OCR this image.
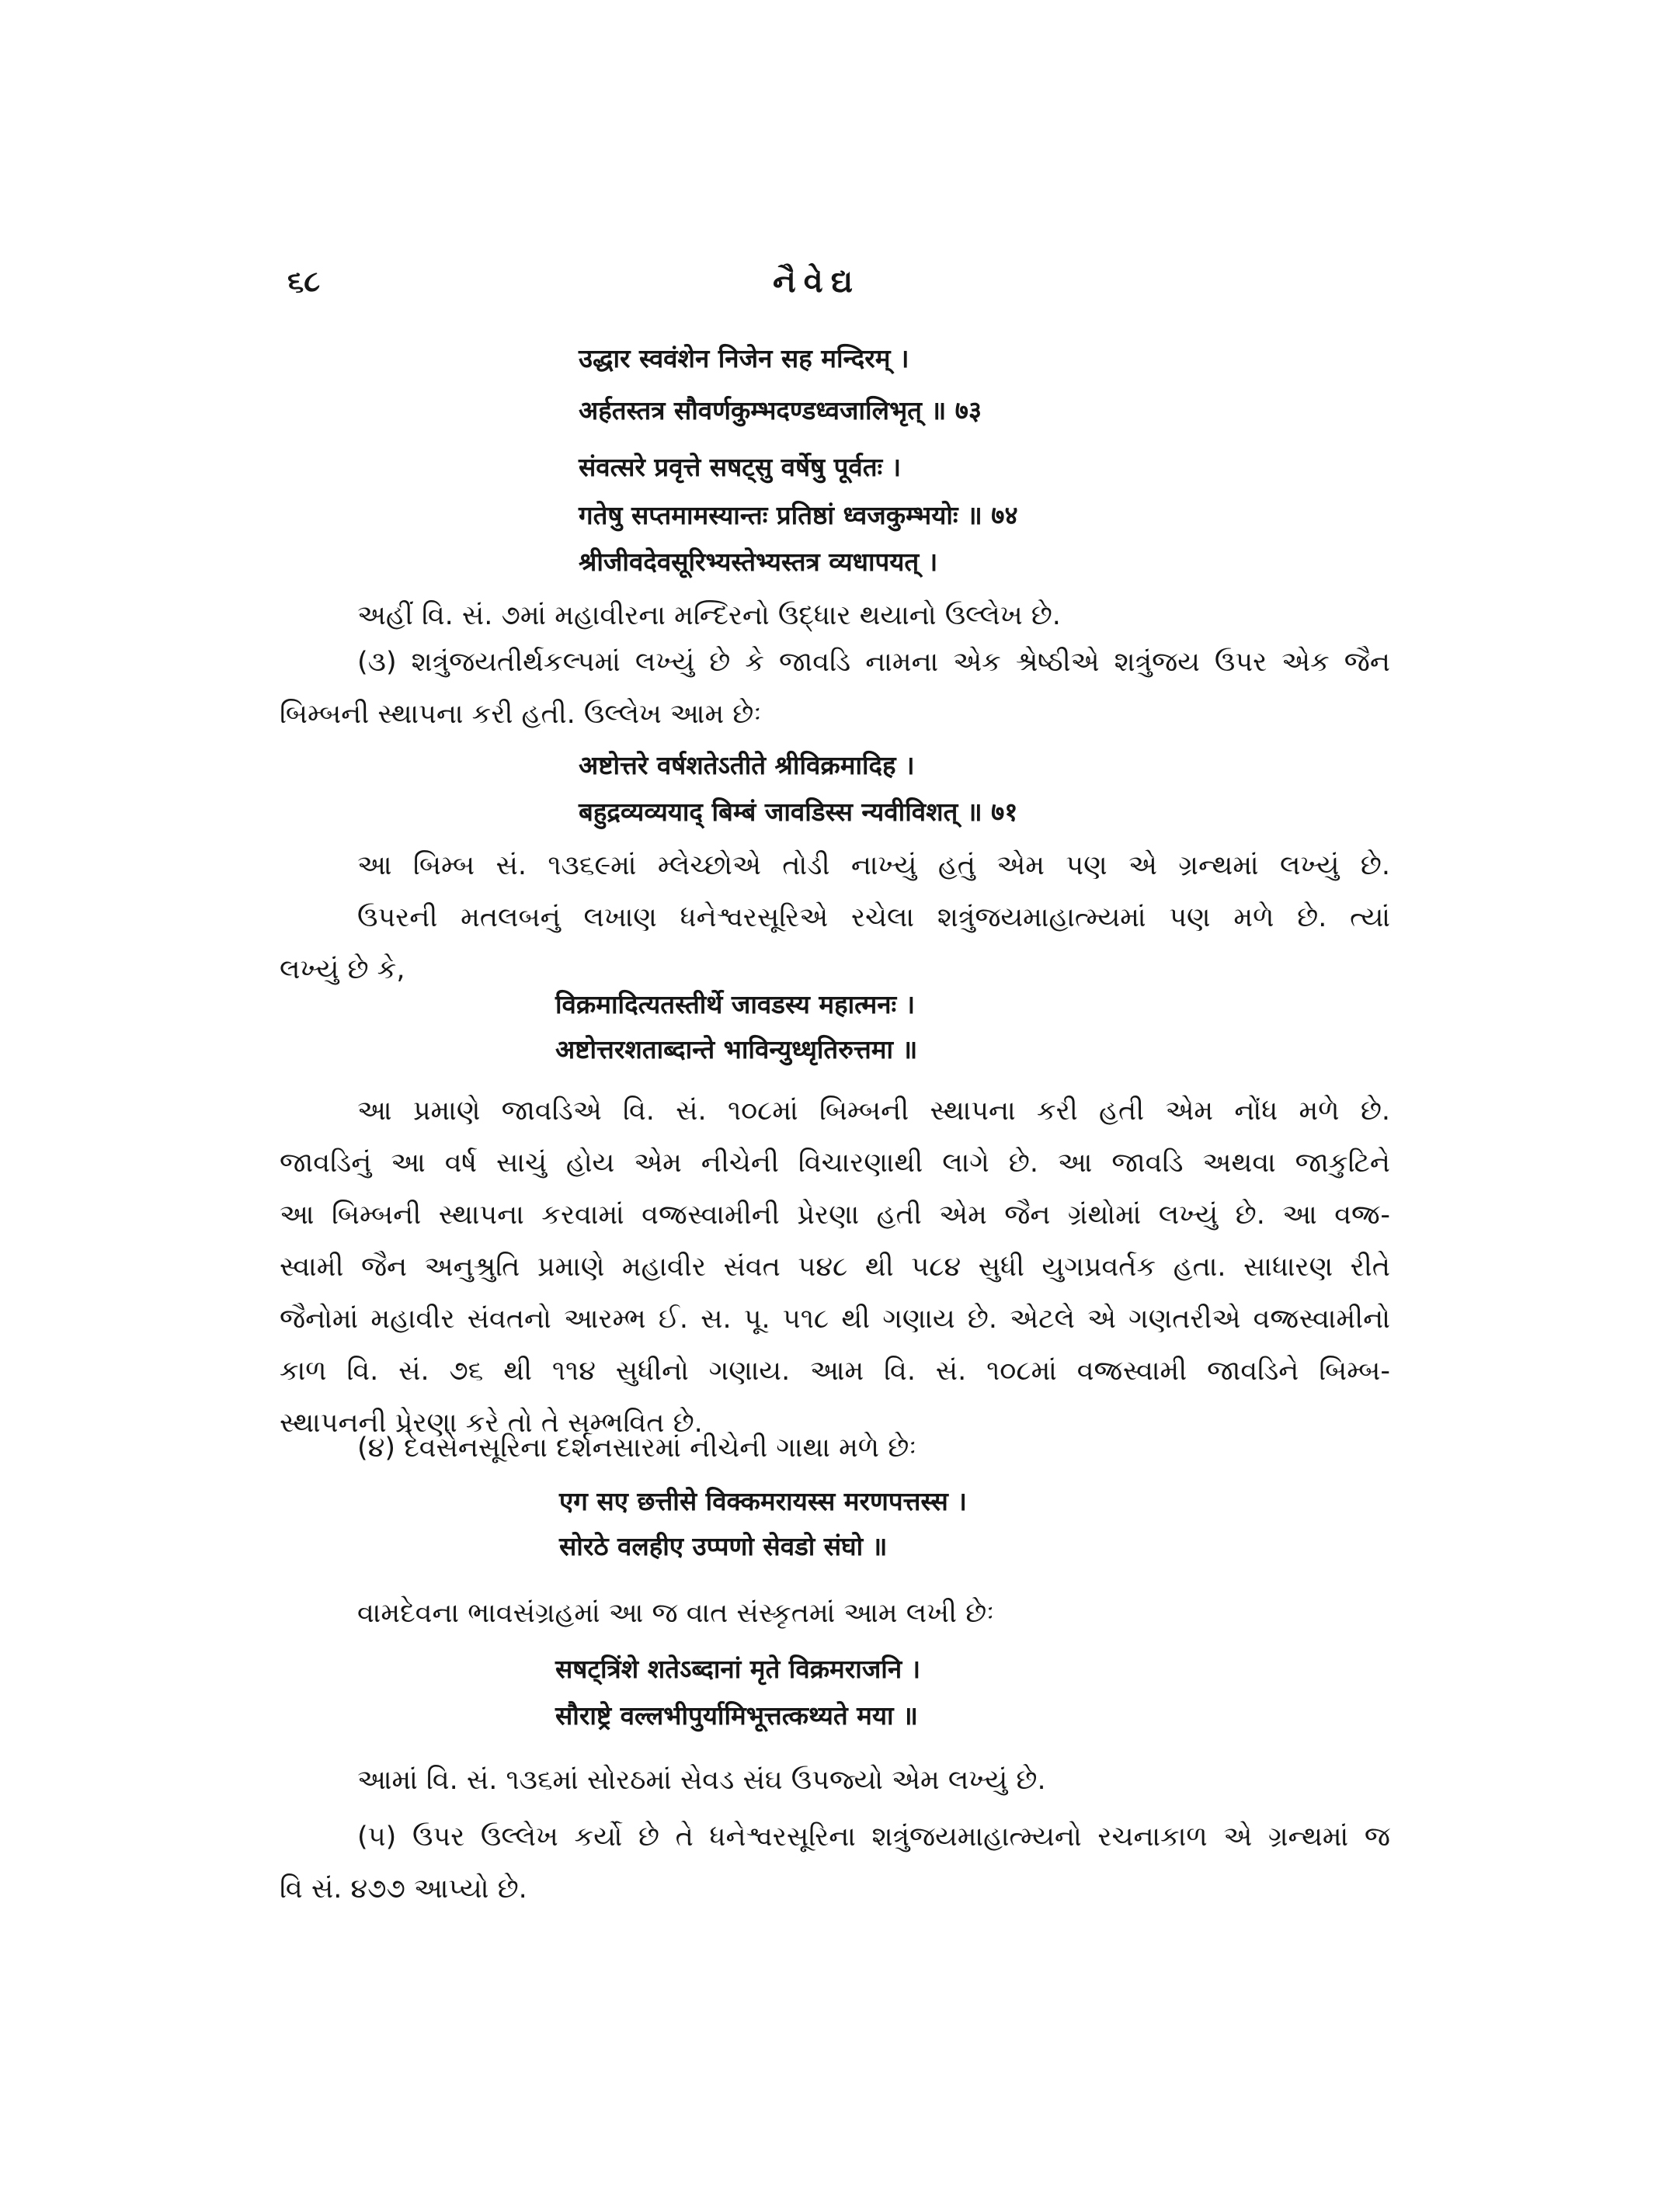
૬૮	નૈવેદ્ય
उद्धार स्ववंशेन निजेन सह मन्दिरम् ।
अर्हतस्तत्र सौवर्णकुम्भदण्डध्वजालिभृत् ॥ ७३
संवत्सरे प्रवृत्ते सषट्सु वर्षेषु पूर्वतः ।
गतेषु सप्तमामस्यान्तः प्रतिष्ठां ध्वजकुम्भयोः ॥ ७४
श्रीजीवदेवसूरिभ्यस्तेभ्यस्तत्र व्यधापयत् ।
અહીં વિ. સં. ૭માં મહાવીરના મન્દિરનો ઉદ્ધાર થયાનો ઉલ્લેખ છે.
(૩) શત્રુંજયતીર્થકલ્પમાં લખ્યું છે કે જાવડિ નામના એક શ્રેષ્ઠીએ શત્રુંજય ઉપર એક જૈન
બિમ્બની સ્થાપના કરી હતી. ઉલ્લેખ આમ છેઃ
अष्टोत्तरे वर्षशतेऽतीते श्रीविक्रमादिह ।
बहुद्रव्यव्ययाद् बिम्बं जावडिस्स न्यवीविशत् ॥ ७१
આ બિમ્બ સં. ૧૩૬૯માં મ્લેચ્છોએ તોડી નાખ્યું હતું એમ પણ એ ગ્રન્થમાં લખ્યું છે.
ઉપરની મતલબનું લખાણ ધનેશ્વરસૂરિએ રચેલા શત્રુંજયમાહાત્મ્યમાં પણ મળે છે. ત્યાં
લખ્યું છે કે,
विक्रमादित्यतस्तीर्थे जावडस्य महात्मनः ।
अष्टोत्तरशताब्दान्ते भाविन्युध्धृतिरुत्तमा ॥
આ પ્રમાણે જાવડિએ વિ. સં. ૧૦૮માં બિમ્બની સ્થાપના કરી હતી એમ નોંધ મળે છે.
જાવડિનું આ વર્ષ સાચું હોય એમ નીચેની વિચારણાથી લાગે છે. આ જાવડિ અથવા જાકુટિને
આ બિમ્બની સ્થાપના કરવામાં વજ્રસ્વામીની પ્રેરણા હતી એમ જૈન ગ્રંથોમાં લખ્યું છે. આ વજ્ર-
સ્વામી જૈન અનુશ્રુતિ પ્રમાણે મહાવીર સંવત ૫૪૮ થી ૫૮૪ સુધી યુગપ્રવર્તક હતા. સાધારણ રીતે
જૈનોમાં મહાવીર સંવતનો આરમ્ભ ઈ. સ. પૂ. ૫૧૮ થી ગણાય છે. એટલે એ ગણતરીએ વજ્રસ્વામીનો
કાળ વિ. સં. ૭૬ થી ૧૧૪ સુધીનો ગણાય. આમ વિ. સં. ૧૦૮માં વજ્રસ્વામી જાવડિને બિમ્બ-
સ્થાપનની પ્રેરણા કરે તો તે સમ્ભવિત છે.
(૪) દેવસેનસૂરિના દર્શનસારમાં નીચેની ગાથા મળે છેઃ
एग सए छत्तीसे विक्कमरायस्स मरणपत्तस्स ।
सोरठे वलहीए उप्पणो सेवडो संघो ॥
વામદેવના ભાવસંગ્રહમાં આ જ વાત સંસ્કૃતમાં આમ લખી છેઃ
सषट्त्रिंशे शतेऽब्दानां मृते विक्रमराजनि ।
सौराष्ट्रे वल्लभीपुर्यामिभूत्तत्कथ्यते मया ॥
આમાં વિ. સં. ૧૩૬માં સોરઠમાં સેવડ સંઘ ઉપજ્યો એમ લખ્યું છે.
(૫) ઉપર ઉલ્લેખ કર્યો છે તે ધનેશ્વરસૂરિના શત્રુંજયમાહાત્મ્યનો રચનાકાળ એ ગ્રન્થમાં જ
વિ સં. ૪૭૭ આપ્યો છે.
